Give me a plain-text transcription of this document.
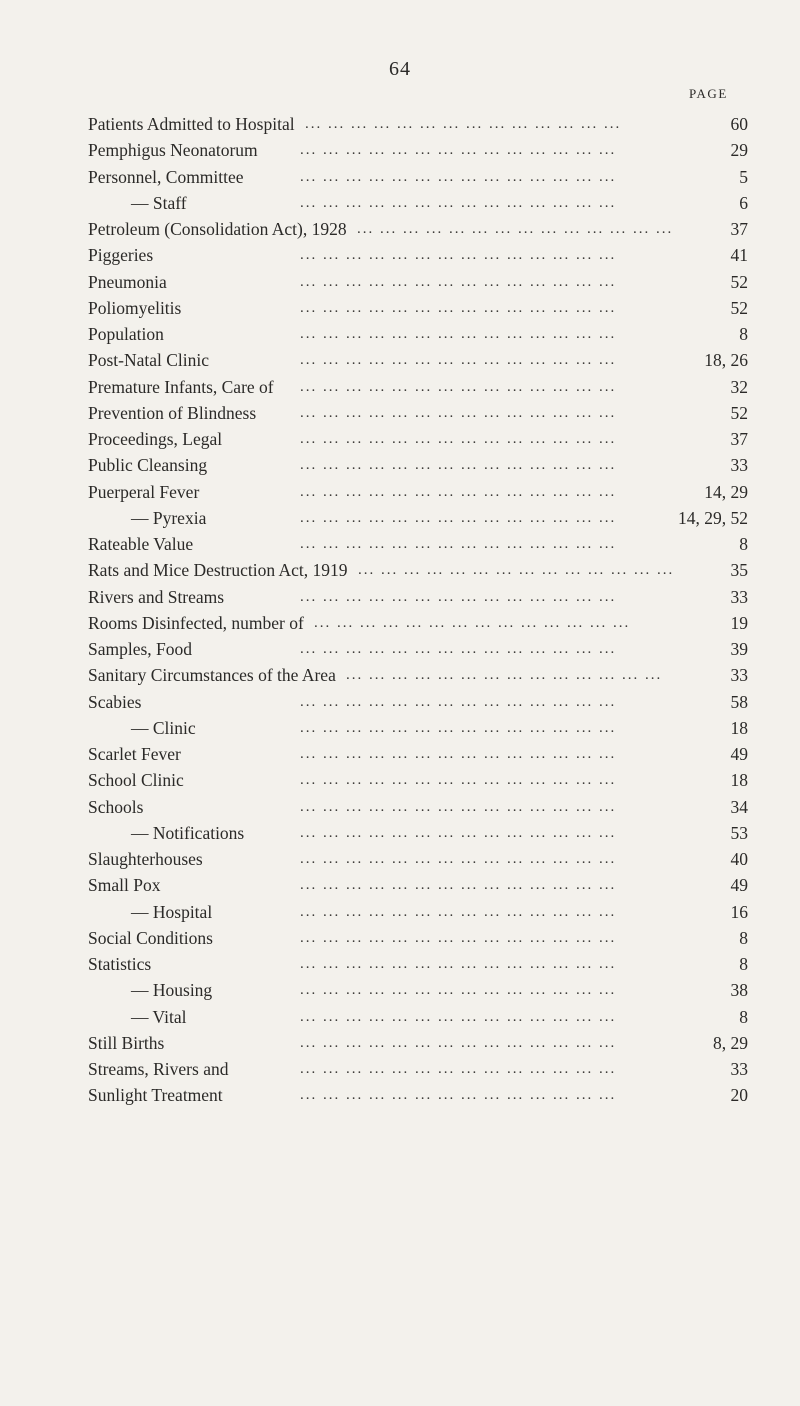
64
PAGE
Patients Admitted to Hospital ... ... ... ... ... ... ... ... ... ... ... ... ... ...	60
Pemphigus Neonatorum	... ... ... ... ... ... ... ... ... ... ... ... ... ...	29
Personnel, Committee	... ... ... ... ... ... ... ... ... ... ... ... ... ...	5
— Staff	... ... ... ... ... ... ... ... ... ... ... ... ... ...	6
Petroleum (Consolidation Act), 1928 ... ... ... ... ... ... ... ... ... ... ... ... ... ...	37
Piggeries	... ... ... ... ... ... ... ... ... ... ... ... ... ...	41
Pneumonia	... ... ... ... ... ... ... ... ... ... ... ... ... ...	52
Poliomyelitis	... ... ... ... ... ... ... ... ... ... ... ... ... ...	52
Population	... ... ... ... ... ... ... ... ... ... ... ... ... ...	8
Post-Natal Clinic	... ... ... ... ... ... ... ... ... ... ... ... ... ...	18, 26
Premature Infants, Care of ... ... ... ... ... ... ... ... ... ... ... ... ... ...	32
Prevention of Blindness	... ... ... ... ... ... ... ... ... ... ... ... ... ...	52
Proceedings, Legal	... ... ... ... ... ... ... ... ... ... ... ... ... ...	37
Public Cleansing	... ... ... ... ... ... ... ... ... ... ... ... ... ...	33
Puerperal Fever	... ... ... ... ... ... ... ... ... ... ... ... ... ...	14, 29
— Pyrexia	... ... ... ... ... ... ... ... ... ... ... ... ... ...	14, 29, 52
Rateable Value	... ... ... ... ... ... ... ... ... ... ... ... ... ...	8
Rats and Mice Destruction Act, 1919 ... ... ... ... ... ... ... ... ... ... ... ... ... ...	35
Rivers and Streams	... ... ... ... ... ... ... ... ... ... ... ... ... ...	33
Rooms Disinfected, number of ... ... ... ... ... ... ... ... ... ... ... ... ... ...	19
Samples, Food	... ... ... ... ... ... ... ... ... ... ... ... ... ...	39
Sanitary Circumstances of the Area ... ... ... ... ... ... ... ... ... ... ... ... ... ...	33
Scabies	... ... ... ... ... ... ... ... ... ... ... ... ... ...	58
— Clinic	... ... ... ... ... ... ... ... ... ... ... ... ... ...	18
Scarlet Fever	... ... ... ... ... ... ... ... ... ... ... ... ... ...	49
School Clinic	... ... ... ... ... ... ... ... ... ... ... ... ... ...	18
Schools	... ... ... ... ... ... ... ... ... ... ... ... ... ...	34
— Notifications	... ... ... ... ... ... ... ... ... ... ... ... ... ...	53
Slaughterhouses	... ... ... ... ... ... ... ... ... ... ... ... ... ...	40
Small Pox	... ... ... ... ... ... ... ... ... ... ... ... ... ...	49
— Hospital	... ... ... ... ... ... ... ... ... ... ... ... ... ...	16
Social Conditions	... ... ... ... ... ... ... ... ... ... ... ... ... ...	8
Statistics	... ... ... ... ... ... ... ... ... ... ... ... ... ...	8
— Housing	... ... ... ... ... ... ... ... ... ... ... ... ... ...	38
— Vital	... ... ... ... ... ... ... ... ... ... ... ... ... ...	8
Still Births	... ... ... ... ... ... ... ... ... ... ... ... ... ...	8, 29
Streams, Rivers and	... ... ... ... ... ... ... ... ... ... ... ... ... ...	33
Sunlight Treatment	... ... ... ... ... ... ... ... ... ... ... ... ... ...	20
